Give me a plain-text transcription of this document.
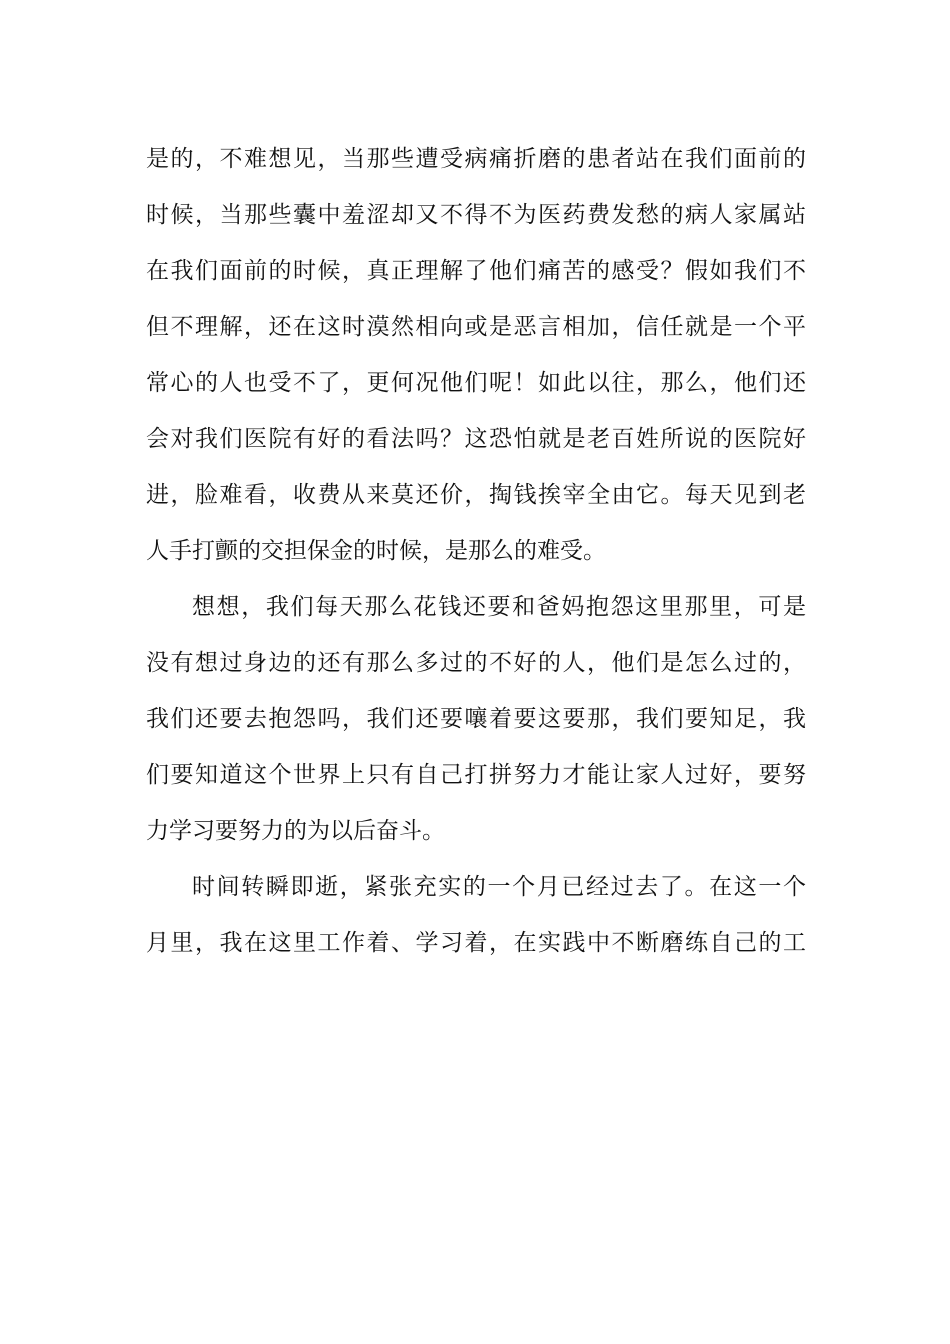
是的，不难想见，当那些遭受病痛折磨的患者站在我们面前的
时候，当那些囊中羞涩却又不得不为医药费发愁的病人家属站
在我们面前的时候，真正理解了他们痛苦的感受？假如我们不
但不理解，还在这时漠然相向或是恶言相加，信任就是一个平
常心的人也受不了，更何况他们呢！如此以往，那么，他们还
会对我们医院有好的看法吗？这恐怕就是老百姓所说的医院好
进，脸难看，收费从来莫还价，掏钱挨宰全由它。每天见到老
人手打颤的交担保金的时候，是那么的难受。
想想，我们每天那么花钱还要和爸妈抱怨这里那里，可是
没有想过身边的还有那么多过的不好的人，他们是怎么过的，
我们还要去抱怨吗，我们还要嚷着要这要那，我们要知足，我
们要知道这个世界上只有自己打拼努力才能让家人过好，要努
力学习要努力的为以后奋斗。
时间转瞬即逝，紧张充实的一个月已经过去了。在这一个
月里，我在这里工作着、学习着，在实践中不断磨练自己的工
